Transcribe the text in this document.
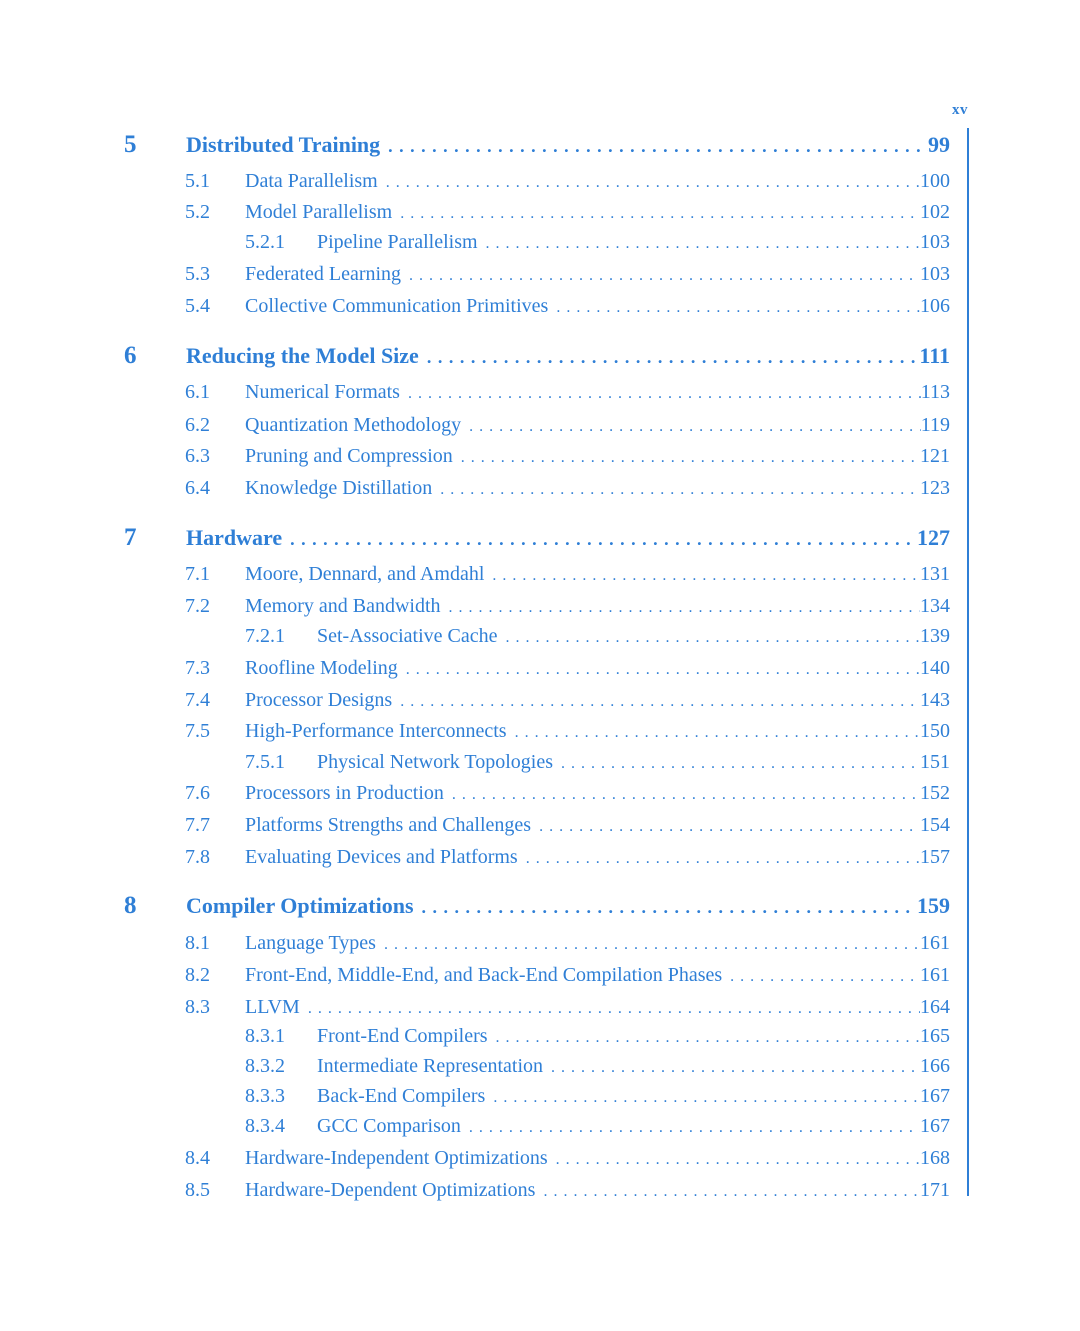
xv
5 Distributed Training . . .	99
5.1	Data Parallelism . . .	100
5.2	Model Parallelism . . .	102
5.2.1	Pipeline Parallelism . . .	103
5.3	Federated Learning . . .	103
5.4	Collective Communication Primitives . . .	106
6 Reducing the Model Size . . .	111
6.1	Numerical Formats . . .	113
6.2	Quantization Methodology . . .	119
6.3	Pruning and Compression . . .	121
6.4	Knowledge Distillation . . .	123
7 Hardware . . .	127
7.1	Moore, Dennard, and Amdahl . . .	131
7.2	Memory and Bandwidth . . .	134
7.2.1	Set-Associative Cache . . .	139
7.3	Roofline Modeling . . .	140
7.4	Processor Designs . . .	143
7.5	High-Performance Interconnects . . .	150
7.5.1	Physical Network Topologies . . .	151
7.6	Processors in Production . . .	152
7.7	Platforms Strengths and Challenges . . .	154
7.8	Evaluating Devices and Platforms . . .	157
8 Compiler Optimizations . . .	159
8.1	Language Types . . .	161
8.2	Front-End, Middle-End, and Back-End Compilation Phases . . .	161
8.3	LLVM . . .	164
8.3.1	Front-End Compilers . . .	165
8.3.2	Intermediate Representation . . .	166
8.3.3	Back-End Compilers . . .	167
8.3.4	GCC Comparison . . .	167
8.4	Hardware-Independent Optimizations . . .	168
8.5	Hardware-Dependent Optimizations . . .	171
